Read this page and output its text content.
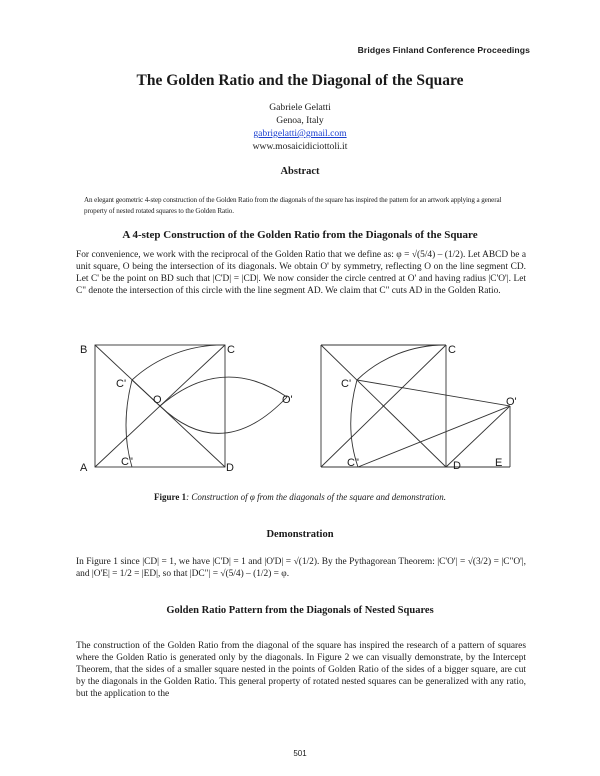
Bridges Finland Conference Proceedings
The Golden Ratio and the Diagonal of the Square
Gabriele Gelatti
Genoa, Italy
gabrigelatti@gmail.com
www.mosaicidiciottoli.it
Abstract
An elegant geometric 4-step construction of the Golden Ratio from the diagonals of the square has inspired the pattern for an artwork applying a general property of nested rotated squares to the Golden Ratio.
A 4-step Construction of the Golden Ratio from the Diagonals of the Square

For convenience, we work with the reciprocal of the Golden Ratio that we define as: φ = √(5/4) – (1/2). Let ABCD be a unit square, O being the intersection of its diagonals. We obtain O' by symmetry, reflecting O on the line segment CD. Let C' be the point on BD such that |C'D| = |CD|. We now consider the circle centred at O' and having radius |C'O'|. Let C" denote the intersection of this circle with the line segment AD. We claim that C" cuts AD in the Golden Ratio.

B	C
A	D
O	O'
C'
C"
C
C'
O'
C"	D	E
Figure 1: Construction of φ from the diagonals of the square and demonstration.
Demonstration

In Figure 1 since |CD| = 1, we have |C'D| = 1 and |O'D| = √(1/2). By the Pythagorean Theorem: |C'O'| = √(3/2) = |C"O'|, and |O'E| = 1/2 = |ED|, so that |DC"| = √(5/4) – (1/2) = φ.

Golden Ratio Pattern from the Diagonals of Nested Squares

The construction of the Golden Ratio from the diagonal of the square has inspired the research of a pattern of squares where the Golden Ratio is generated only by the diagonals. In Figure 2 we can visually demonstrate, by the Intercept Theorem, that the sides of a smaller square nested in the points of Golden Ratio of the sides of a bigger square, are cut by the diagonals in the Golden Ratio. This general property of rotated nested squares can be generalized with any ratio, but the application to the

501
